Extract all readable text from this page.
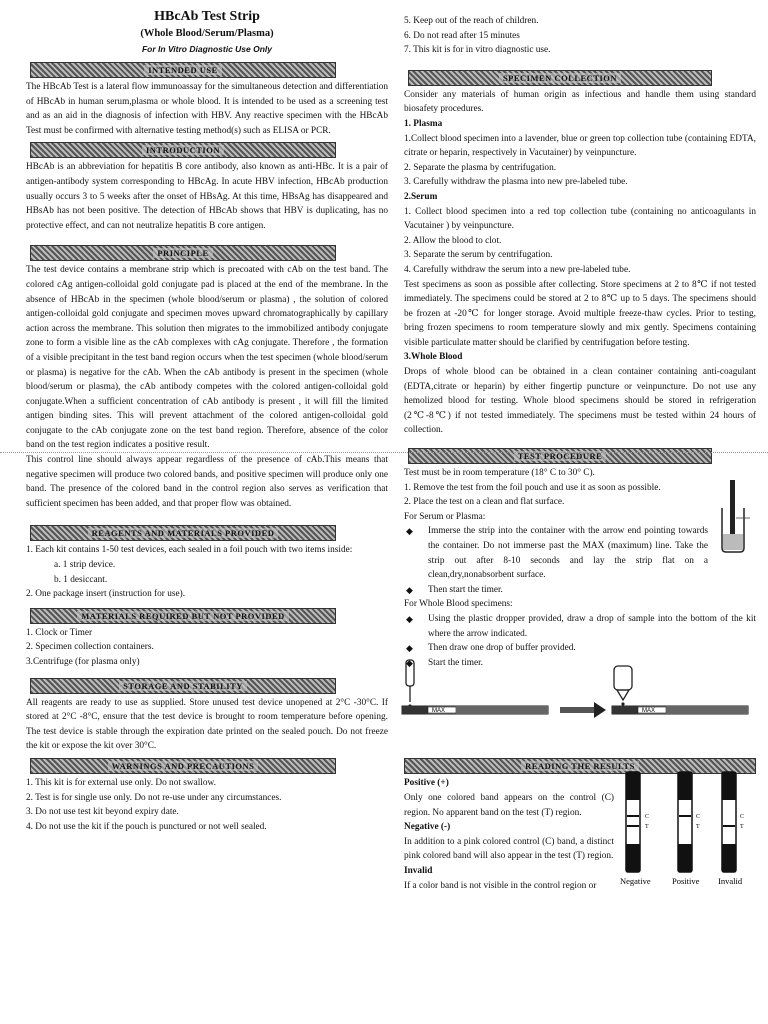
HBcAb Test Strip
(Whole Blood/Serum/Plasma)
For In Vitro Diagnostic Use Only
INTENDED USE

The HBcAb Test is a lateral flow immunoassay for the simultaneous detection and differentiation of HBcAb in human serum,plasma or whole blood. It is intended to be used as a screening test and as an aid in the diagnosis of infection with HBV. Any reactive specimen with the HBcAb Test must be confirmed with alternative testing method(s) such as ELISA or PCR.

INTRODUCTION

HBcAb is an abbreviation for hepatitis B core antibody, also known as anti-HBc. It is a pair of antigen-antibody system corresponding to HBcAg. In acute HBV infection, HBcAb production usually occurs 3 to 5 weeks after the onset of HBsAg. At this time, HBsAg has disappeared and HBsAb has not been positive. The detection of HBcAb shows that HBV is duplicating, has no protective effect, and can not neutralize hepatitis B core antigen.

PRINCIPLE

The test device contains a membrane strip which is precoated with cAb on the test band. The colored cAg antigen-colloidal gold conjugate pad is placed at the end of the membrane. In the absence of HBcAb in the specimen (whole blood/serum or plasma) , the solution of colored antigen-colloidal gold conjugate and specimen moves upward chromatographically by capillary action across the membrane. This solution then migrates to the immobilized antibody conjugate zone to form a visible line as the cAb complexes with cAg conjugate. Therefore , the formation of a visible precipitant in the test band region occurs when the test specimen (whole blood/serum or plasma) is negative for the cAb. When the cAb antibody is present in the specimen (whole blood/serum or plasma), the cAb antibody competes with the colored antigen-colloidal gold conjugate.When a sufficient concentration of cAb antibody is present , it will fill the limited antigen binding sites. This will prevent attachment of the colored antigen-colloidal gold conjugate to the cAb conjugate zone on the test band region. Therefore, absence of the color band on the test region indicates a positive result.

This control line should always appear regardless of the presence of cAb.This means that negative specimen will produce two colored bands, and positive specimen will produce only one band. The presence of the colored band in the control region also serves as verification that sufficient specimen has been added, and that proper flow was obtained.

REAGENTS AND MATERIALS PROVIDED

1. Each kit contains 1-50 test devices, each sealed in a foil pouch with two items inside:

a. 1 strip device.

b. 1 desiccant.

2. One package insert (instruction for use).

MATERIALS REQUIRED BUT NOT PROVIDED

1. Clock or Timer

2. Specimen collection containers.

3.Centrifuge (for plasma only)

STORAGE AND STABILITY

All reagents are ready to use as supplied. Store unused test device unopened at 2°C -30°C. If stored at 2°C -8°C, ensure that the test device is brought to room temperature before opening. The test device is stable through the expiration date printed on the sealed pouch. Do not freeze the kit or expose the kit over 30°C.

WARNINGS AND PRECAUTIONS

1. This kit is for external use only. Do not swallow.

2. Test is for single use only. Do not re-use under any circumstances.

3. Do not use test kit beyond expiry date.

4. Do not use the kit if the pouch is punctured or not well sealed.

5. Keep out of the reach of children.

6. Do not read after 15 minutes

7. This kit is for in vitro diagnostic use.

SPECIMEN COLLECTION

Consider any materials of human origin as infectious and handle them using standard biosafety procedures.

1. Plasma

1.Collect blood specimen into a lavender, blue or green top collection tube (containing EDTA, citrate or heparin, respectively in Vacutainer) by veinpuncture.

2. Separate the plasma by centrifugation.

3. Carefully withdraw the plasma into new pre-labeled tube.

2.Serum

1. Collect blood specimen into a red top collection tube (containing no anticoagulants in Vacutainer ) by veinpuncture.

2. Allow the blood to clot.

3. Separate the serum by centrifugation.

4. Carefully withdraw the serum into a new pre-labeled tube.

Test specimens as soon as possible after collecting. Store specimens at 2 to 8℃ if not tested immediately. The specimens could be stored at 2 to 8℃ up to 5 days. The specimens should be frozen at -20℃ for longer storage. Avoid multiple freeze-thaw cycles. Prior to testing, bring frozen specimens to room temperature slowly and mix gently. Specimens containing visible particulate matter should be clarified by centrifugation before testing.

3.Whole Blood

Drops of whole blood can be obtained in a clean container containing anti-coagulant (EDTA,citrate or heparin) by either fingertip puncture or veinpuncture. Do not use any hemolized blood for testing. Whole blood specimens should be stored in refrigeration (2℃-8℃) if not tested immediately. The specimens must be tested within 24 hours of collection.

TEST PROCEDURE

Test must be in room temperature (18° C to 30° C).

1. Remove the test from the foil pouch and use it as soon as possible.

2. Place the test on a clean and flat surface.

For Serum or Plasma:

◆ Immerse the strip into the container with the arrow end pointing towards the container. Do not immerse past the MAX (maximum) line. Take the strip out after 8-10 seconds and lay the strip flat on a clean,dry,nonabsorbent surface.

◆ Then start the timer.

For Whole Blood specimens:

◆ Using the plastic dropper provided, draw a drop of sample into the bottom of the kit where the arrow indicated.

◆ Then draw one drop of buffer provided.

◆ Start the timer.

READING THE RESULTS

Positive (+)

Only one colored band appears on the control (C) region. No apparent band on the test (T) region.

Negative (-)

In addition to a pink colored control (C) band, a distinct pink colored band will also appear in the test (T) region.

Invalid

If a color band is not visible in the control region or

MAX	MAX
C
T
C
T
C
T
Negative	Positive Invalid
